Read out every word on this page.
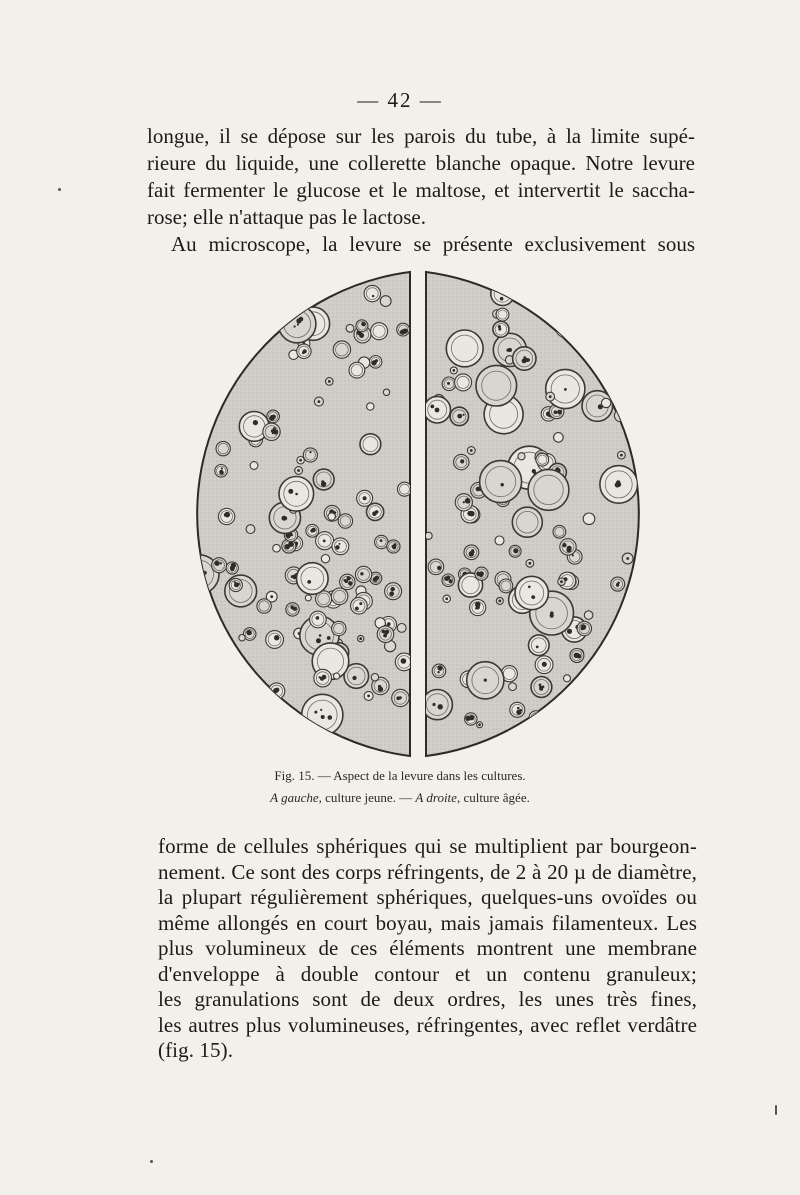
— 42 —

longue, il se dépose sur les parois du tube, à la limite supé-
rieure du liquide, une collerette blanche opaque. Notre levure
fait fermenter le glucose et le maltose, et intervertit le saccha-
rose; elle n'attaque pas le lactose.
Au microscope, la levure se présente exclusivement sous

Fig. 15. — Aspect de la levure dans les cultures.
A gauche, culture jeune. — A droite, culture âgée.

forme de cellules sphériques qui se multiplient par bourgeon-
nement. Ce sont des corps réfringents, de 2 à 20 µ de diamètre,
la plupart régulièrement sphériques, quelques-uns ovoïdes ou
même allongés en court boyau, mais jamais filamenteux. Les
plus volumineux de ces éléments montrent une membrane
d'enveloppe à double contour et un contenu granuleux;
les granulations sont de deux ordres, les unes très fines,
les autres plus volumineuses, réfringentes, avec reflet verdâtre
(fig. 15).
